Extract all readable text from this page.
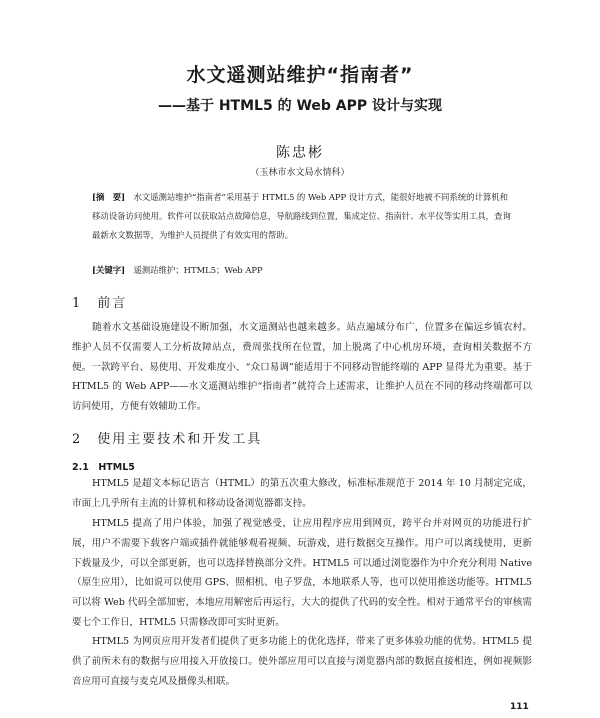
水文遥测站维护“指南者”
——基于 HTML5 的 Web APP 设计与实现
陈忠彬
（玉林市水文局水情科）

[摘　要]　 水文遥测站维护“指南者”采用基于 HTML5 的 Web APP 设计方式，能很好地被不同系统的计算机和移动设备访问使用。软件可以获取站点故障信息，导航路线到位置，集成定位、指南针、水平仪等实用工具，查询最新水文数据等，为维护人员提供了有效实用的帮助。

[关键字]　 遥测站维护；HTML5；Web APP
1　前言
随着水文基础设施建设不断加强，水文遥测站也越来越多。站点遍域分布广，位置多在偏远乡镇农村。维护人员不仅需要人工分析故障站点，费周张找所在位置，加上脱离了中心机房环境，查询相关数据不方便。一款跨平台、易使用、开发难度小、“众口易调”能适用于不同移动智能终端的 APP 显得尤为重要。基于 HTML5 的 Web APP——水文遥测站维护“指南者”就符合上述需求，让维护人员在不同的移动终端都可以访问使用，方便有效辅助工作。
2　使用主要技术和开发工具
2.1　HTML5
HTML5 是超文本标记语言（HTML）的第五次重大修改，标准标准规范于 2014 年 10 月制定完成，市面上几乎所有主流的计算机和移动设备浏览器都支持。
HTML5 提高了用户体验，加强了视觉感受，让应用程序应用到网页，跨平台并对网页的功能进行扩展，用户不需要下载客户端或插件就能够观看视频、玩游戏，进行数据交互操作。用户可以离线使用，更新下载量及少，可以全部更新，也可以选择替换部分文件。HTML5 可以通过浏览器作为中介充分利用 Native（原生应用），比如说可以使用 GPS、照相机、电子罗盘，本地联系人等，也可以使用推送功能等。HTML5 可以将 Web 代码全部加密，本地应用解密后再运行，大大的提供了代码的安全性。相对于通常平台的审核需要七个工作日，HTML5 只需修改即可实时更新。
HTML5 为网页应用开发者们提供了更多功能上的优化选择，带来了更多体验功能的优势。HTML5 提供了前所未有的数据与应用接入开放接口。使外部应用可以直接与浏览器内部的数据直接相连，例如视频影音应用可直接与麦克风及摄像头相联。
111
